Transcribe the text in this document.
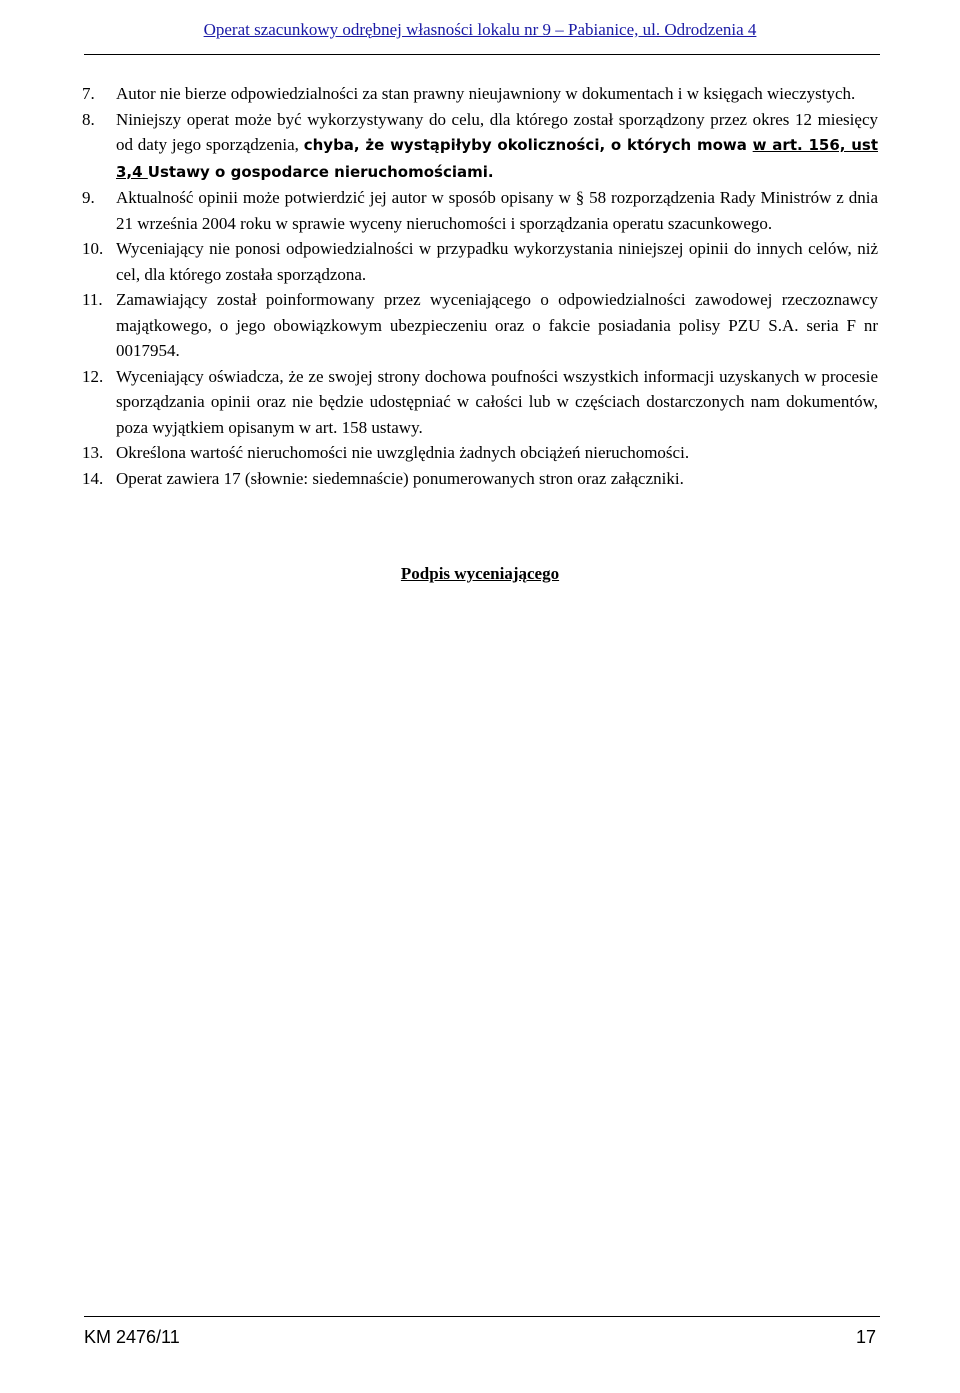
Operat szacunkowy odrębnej własności lokalu nr 9 – Pabianice, ul. Odrodzenia 4
7. Autor nie bierze odpowiedzialności za stan prawny nieujawniony w dokumentach i w księgach wieczystych.
8. Niniejszy operat może być wykorzystywany do celu, dla którego został sporządzony przez okres 12 miesięcy od daty jego sporządzenia, chyba, że wystąpiłyby okoliczności, o których mowa w art. 156, ust 3,4 Ustawy o gospodarce nieruchomościami.
9. Aktualność opinii może potwierdzić jej autor w sposób opisany w § 58 rozporządzenia Rady Ministrów z dnia 21 września 2004 roku w sprawie wyceny nieruchomości i sporządzania operatu szacunkowego.
10. Wyceniający nie ponosi odpowiedzialności w przypadku wykorzystania niniejszej opinii do innych celów, niż cel, dla którego została sporządzona.
11. Zamawiający został poinformowany przez wyceniającego o odpowiedzialności zawodowej rzeczoznawcy majątkowego, o jego obowiązkowym ubezpieczeniu oraz o fakcie posiadania polisy PZU S.A. seria F nr 0017954.
12. Wyceniający oświadcza, że ze swojej strony dochowa poufności wszystkich informacji uzyskanych w procesie sporządzania opinii oraz nie będzie udostępniać w całości lub w częściach dostarczonych nam dokumentów, poza wyjątkiem opisanym w art. 158 ustawy.
13. Określona wartość nieruchomości nie uwzględnia żadnych obciążeń nieruchomości.
14. Operat zawiera 17 (słownie: siedemnaście) ponumerowanych stron oraz załączniki.
Podpis wyceniającego
KM 2476/11	17
